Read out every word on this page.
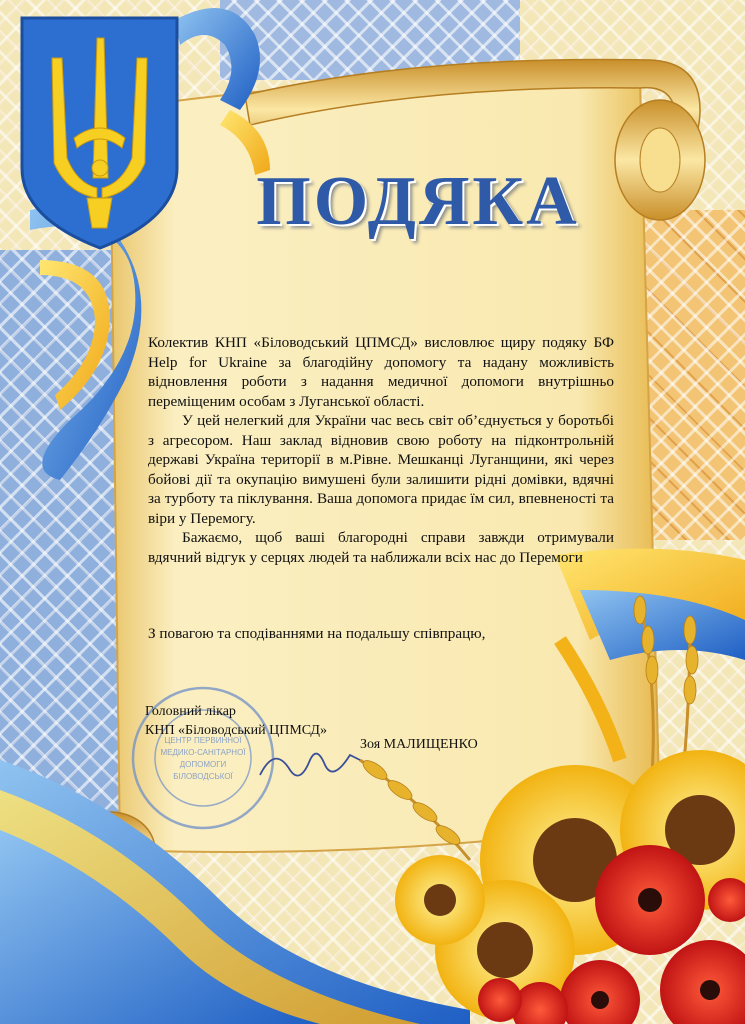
ПОДЯКА

Колектив КНП «Біловодський ЦПМСД» висловлює щиру подяку БФ Help for Ukraine за благодійну допомогу та надану можливість відновлення роботи з надання медичної допомоги внутрішньо переміщеним особам з Луганської області.

У цей нелегкий для України час весь світ об’єднується у боротьбі з агресором. Наш заклад відновив свою роботу на підконтрольній державі Україна території в м.Рівне. Мешканці Луганщини, які через бойові дії та окупацію вимушені були залишити рідні домівки, вдячні за турботу та піклування. Ваша допомога придає їм сил, впевненості та віри у Перемогу.

Бажаємо, щоб ваші благородні справи завжди отримували вдячний відгук у серцях людей та наближали всіх нас до Перемоги

З повагою та сподіваннями на подальшу співпрацю,
ЦЕНТР ПЕРВИННОЇ
МЕДИКО-САНІТАРНОЇ
ДОПОМОГИ
БІЛОВОДСЬКОЇ
Головний лікар
КНП «Біловодський ЦПМСД»
Зоя МАЛИЩЕНКО
